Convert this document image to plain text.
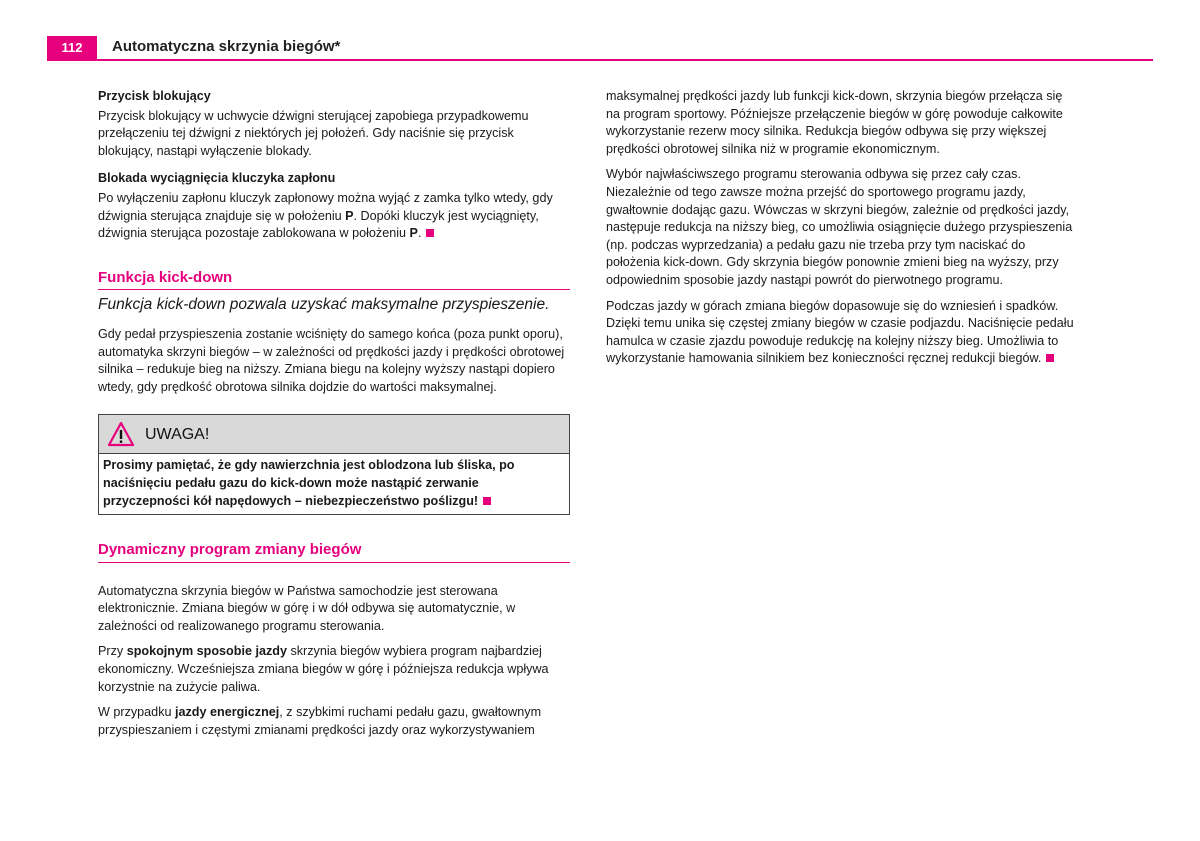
112	Automatyczna skrzynia biegów*

Przycisk blokujący

Przycisk blokujący w uchwycie dźwigni sterującej zapobiega przypadkowemu przełączeniu tej dźwigni z niektórych jej położeń. Gdy naciśnie się przycisk blokujący, nastąpi wyłączenie blokady.

Blokada wyciągnięcia kluczyka zapłonu

Po wyłączeniu zapłonu kluczyk zapłonowy można wyjąć z zamka tylko wtedy, gdy dźwignia sterująca znajduje się w położeniu P. Dopóki kluczyk jest wyciągnięty, dźwignia sterująca pozostaje zablokowana w położeniu P.

Funkcja kick-down

Funkcja kick-down pozwala uzyskać maksymalne przyspieszenie.

Gdy pedał przyspieszenia zostanie wciśnięty do samego końca (poza punkt oporu), automatyka skrzyni biegów – w zależności od prędkości jazdy i prędkości obrotowej silnika – redukuje bieg na niższy. Zmiana biegu na kolejny wyższy nastąpi dopiero wtedy, gdy prędkość obrotowa silnika dojdzie do wartości maksymalnej.

UWAGA!
Prosimy pamiętać, że gdy nawierzchnia jest oblodzona lub śliska, po naciśnięciu pedału gazu do kick-down może nastąpić zerwanie przyczepności kół napędowych – niebezpieczeństwo poślizgu!
Dynamiczny program zmiany biegów

Automatyczna skrzynia biegów w Państwa samochodzie jest sterowana elektronicznie. Zmiana biegów w górę i w dół odbywa się automatycznie, w zależności od realizowanego programu sterowania.

Przy spokojnym sposobie jazdy skrzynia biegów wybiera program najbardziej ekonomiczny. Wcześniejsza zmiana biegów w górę i późniejsza redukcja wpływa korzystnie na zużycie paliwa.

W przypadku jazdy energicznej, z szybkimi ruchami pedału gazu, gwałtownym przyspieszaniem i częstymi zmianami prędkości jazdy oraz wykorzystywaniem

maksymalnej prędkości jazdy lub funkcji kick-down, skrzynia biegów przełącza się na program sportowy. Późniejsze przełączenie biegów w górę powoduje całkowite wykorzystanie rezerw mocy silnika. Redukcja biegów odbywa się przy większej prędkości obrotowej silnika niż w programie ekonomicznym.

Wybór najwłaściwszego programu sterowania odbywa się przez cały czas. Niezależnie od tego zawsze można przejść do sportowego programu jazdy, gwałtownie dodając gazu. Wówczas w skrzyni biegów, zależnie od prędkości jazdy, następuje redukcja na niższy bieg, co umożliwia osiągnięcie dużego przyspieszenia (np. podczas wyprzedzania) a pedału gazu nie trzeba przy tym naciskać do położenia kick-down. Gdy skrzynia biegów ponownie zmieni bieg na wyższy, przy odpowiednim sposobie jazdy nastąpi powrót do pierwotnego programu.

Podczas jazdy w górach zmiana biegów dopasowuje się do wzniesień i spadków. Dzięki temu unika się częstej zmiany biegów w czasie podjazdu. Naciśnięcie pedału hamulca w czasie zjazdu powoduje redukcję na kolejny niższy bieg. Umożliwia to wykorzystanie hamowania silnikiem bez konieczności ręcznej redukcji biegów.
